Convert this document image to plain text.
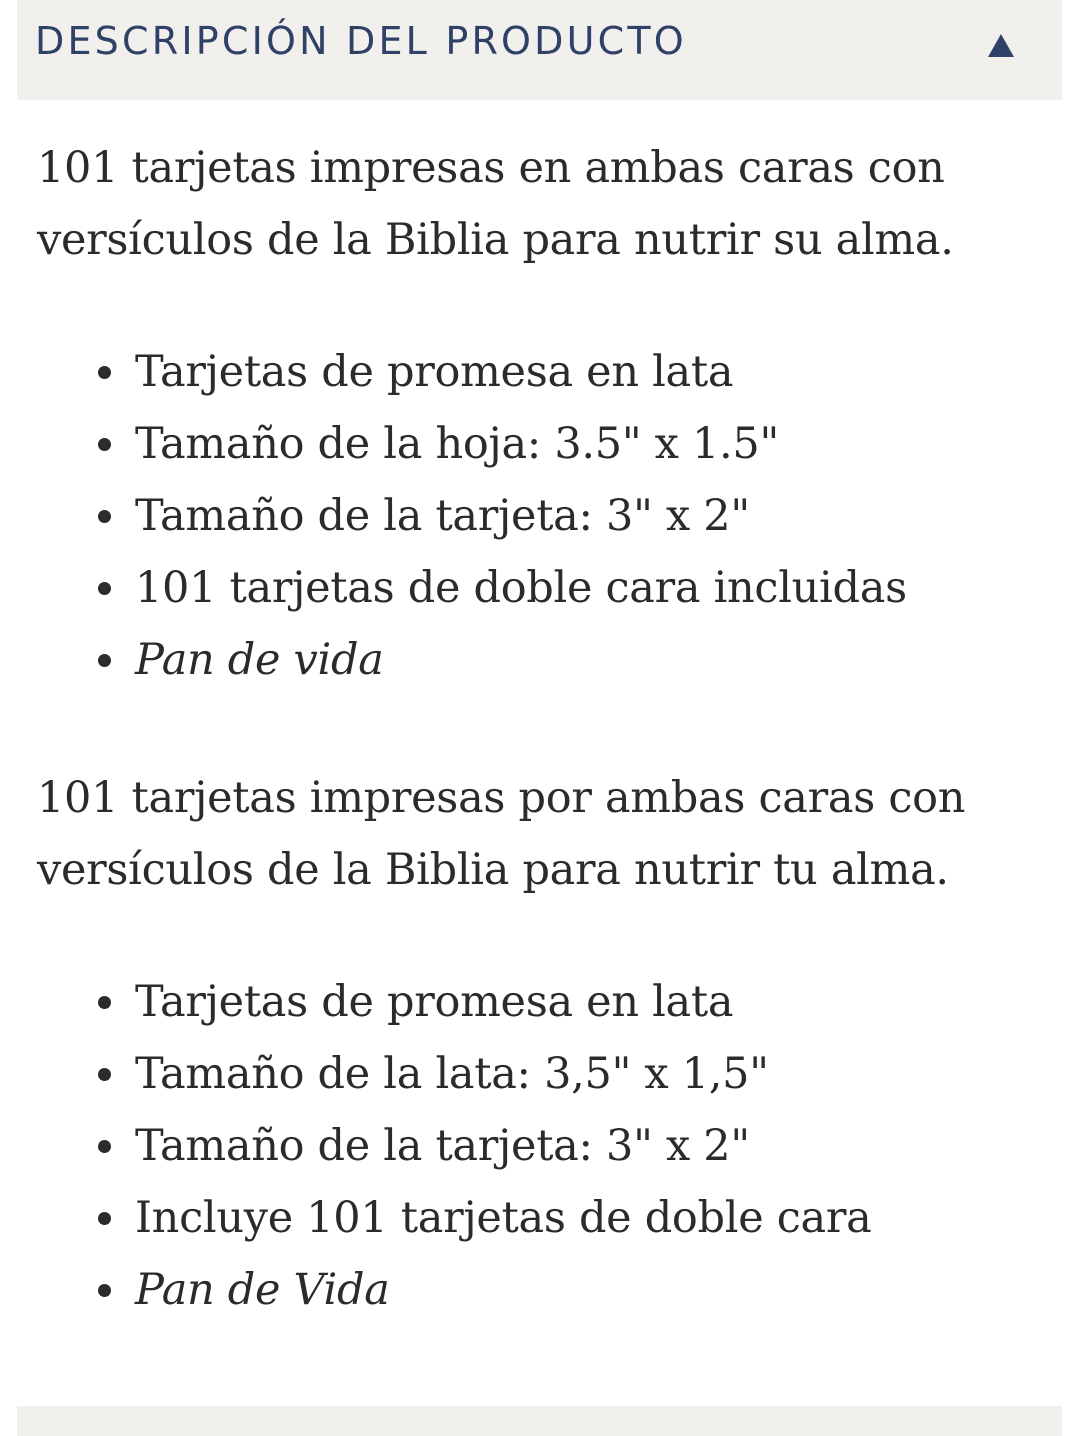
DESCRIPCIÓN DEL PRODUCTO

101 tarjetas impresas en ambas caras con versículos de la Biblia para nutrir su alma.

Tarjetas de promesa en lata
Tamaño de la hoja: 3.5" x 1.5"
Tamaño de la tarjeta: 3" x 2"
101 tarjetas de doble cara incluidas
Pan de vida

101 tarjetas impresas por ambas caras con versículos de la Biblia para nutrir tu alma.

Tarjetas de promesa en lata
Tamaño de la lata: 3,5" x 1,5"
Tamaño de la tarjeta: 3" x 2"
Incluye 101 tarjetas de doble cara
Pan de Vida
